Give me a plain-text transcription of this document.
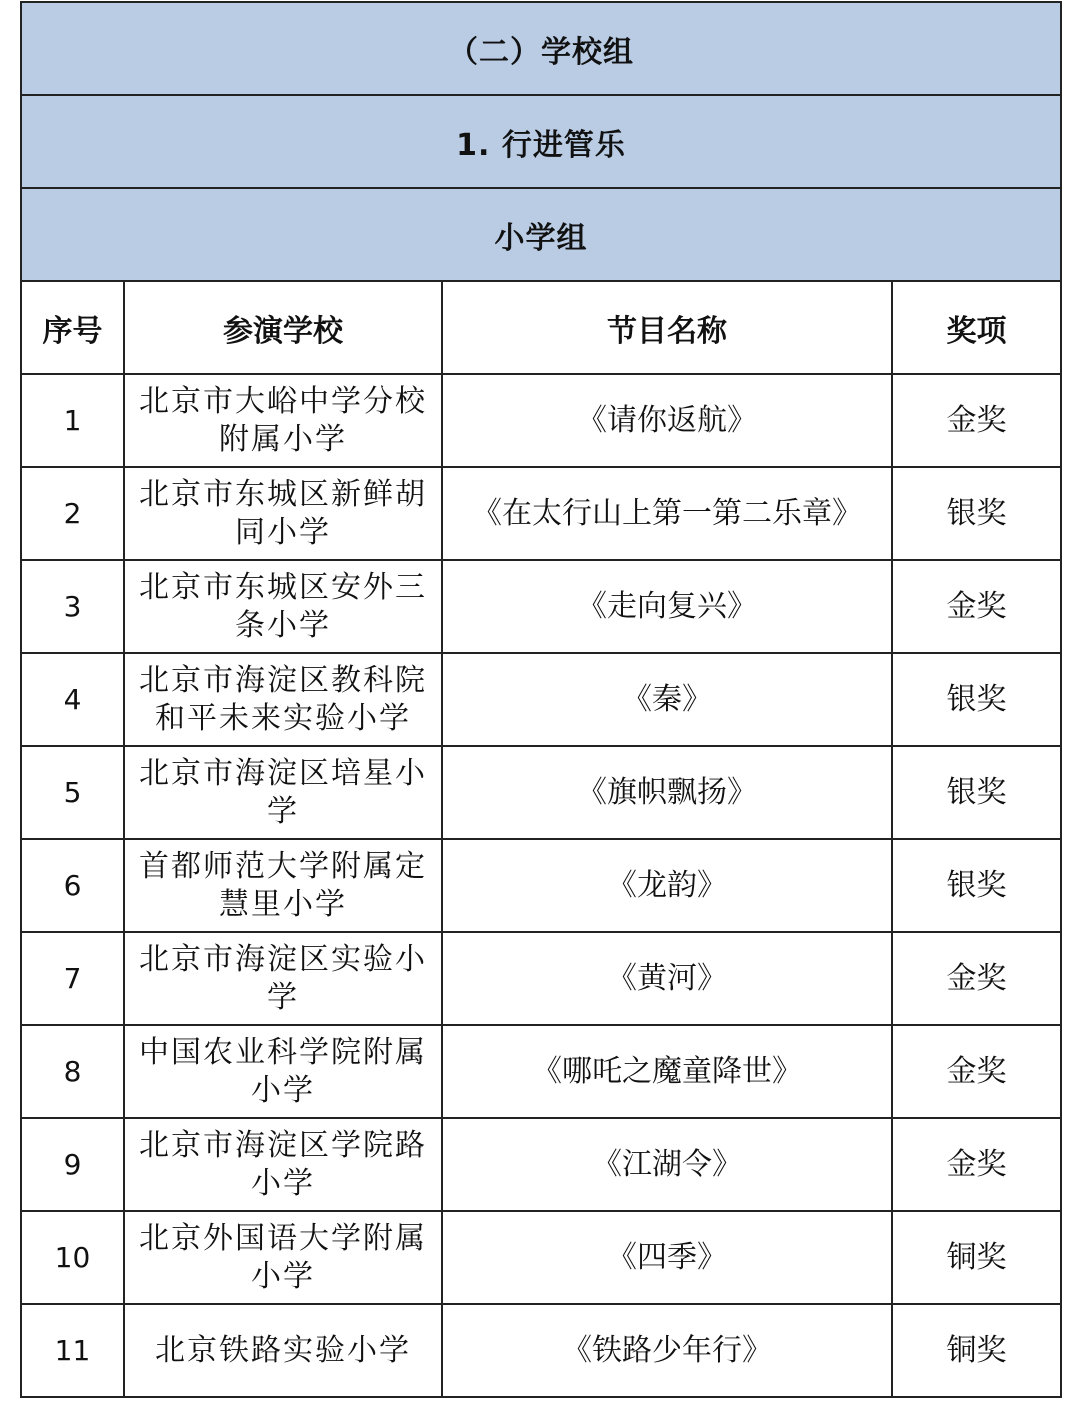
（二）学校组			
1. 行进管乐			
小学组			
序号	参演学校	节目名称	奖项
1	北京市大峪中学分校附属小学	《请你返航》	金奖
2	北京市东城区新鲜胡同小学	《在太行山上第一第二乐章》	银奖
3	北京市东城区安外三条小学	《走向复兴》	金奖
4	北京市海淀区教科院和平未来实验小学	《秦》	银奖
5	北京市海淀区培星小学	《旗帜飘扬》	银奖
6	首都师范大学附属定慧里小学	《龙韵》	银奖
7	北京市海淀区实验小学	《黄河》	金奖
8	中国农业科学院附属小学	《哪吒之魔童降世》	金奖
9	北京市海淀区学院路小学	《江湖令》	金奖
10	北京外国语大学附属小学	《四季》	铜奖
11	北京铁路实验小学	《铁路少年行》	铜奖
